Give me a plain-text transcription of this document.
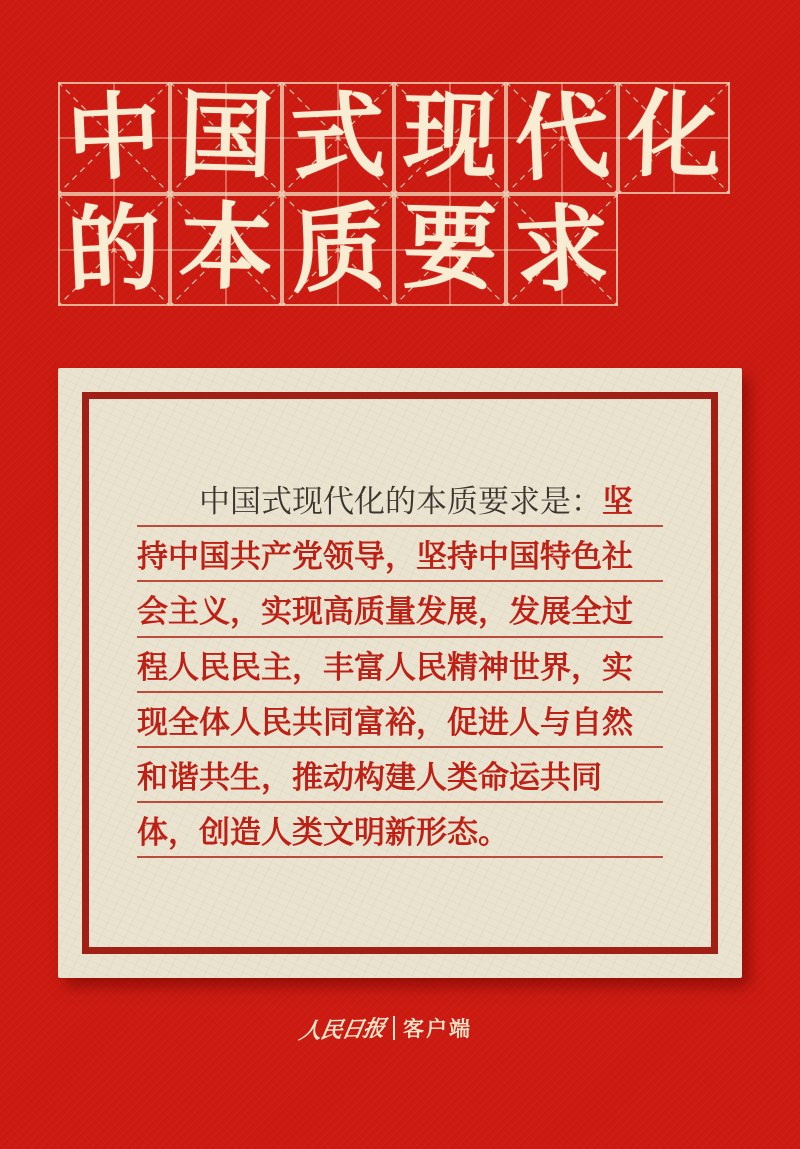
中 国 式 现 代 化
的 本 质 要 求
中国式现代化的本质要求是： 坚
持中国共产党领导，坚持中国特色社
会主义，实现高质量发展，发展全过
程人民民主，丰富人民精神世界，实
现全体人民共同富裕，促进人与自然
和谐共生，推动构建人类命运共同
体，创造人类文明新形态。
人民日报 客户端
